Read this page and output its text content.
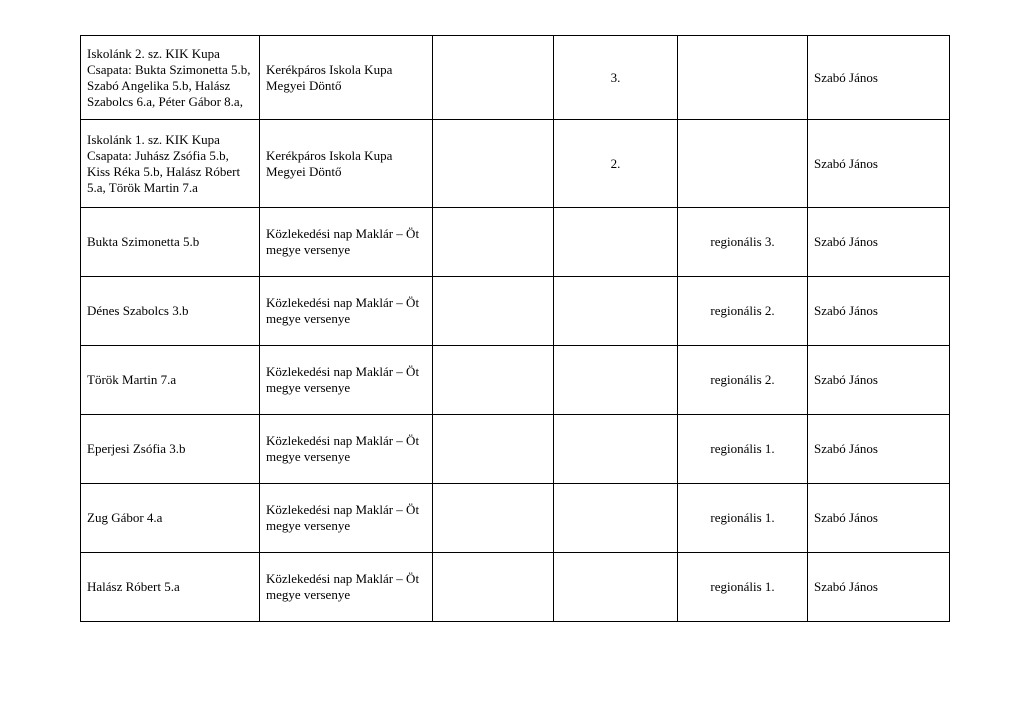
Iskolánk 2. sz. KIK Kupa Csapata: Bukta Szimonetta 5.b, Szabó Angelika 5.b, Halász Szabolcs 6.a, Péter Gábor 8.a,	Kerékpáros Iskola Kupa Megyei Döntő		3.		Szabó János
Iskolánk 1. sz. KIK Kupa Csapata: Juhász Zsófia 5.b, Kiss Réka 5.b, Halász Róbert 5.a, Török Martin 7.a	Kerékpáros Iskola Kupa Megyei Döntő		2.		Szabó János
Bukta Szimonetta 5.b	Közlekedési nap Maklár – Öt megye versenye			regionális 3.	Szabó János
Dénes Szabolcs 3.b	Közlekedési nap Maklár – Öt megye versenye			regionális 2.	Szabó János
Török Martin 7.a	Közlekedési nap Maklár – Öt megye versenye			regionális 2.	Szabó János
Eperjesi Zsófia 3.b	Közlekedési nap Maklár – Öt megye versenye			regionális 1.	Szabó János
Zug Gábor 4.a	Közlekedési nap Maklár – Öt megye versenye			regionális 1.	Szabó János
Halász Róbert 5.a	Közlekedési nap Maklár – Öt megye versenye			regionális 1.	Szabó János
